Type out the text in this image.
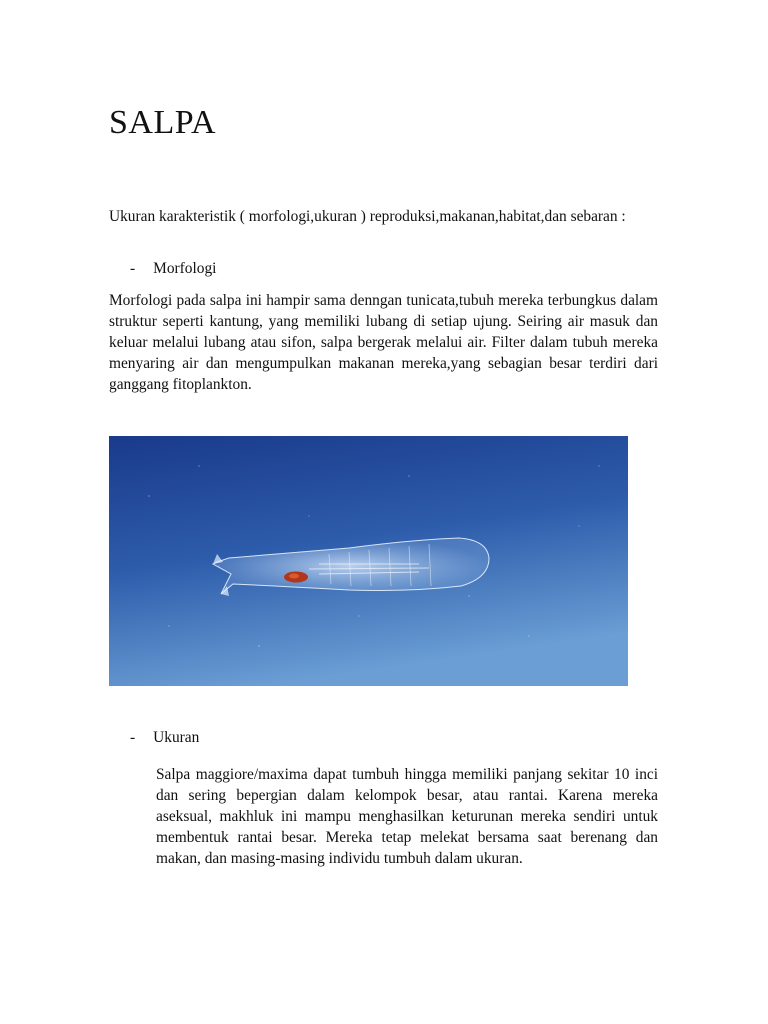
SALPA

Ukuran karakteristik ( morfologi,ukuran ) reproduksi,makanan,habitat,dan sebaran :

- Morfologi

Morfologi pada salpa ini hampir sama denngan tunicata,tubuh mereka terbungkus dalam struktur seperti kantung, yang memiliki lubang di setiap ujung. Seiring air masuk dan keluar melalui lubang atau sifon, salpa bergerak melalui air. Filter dalam tubuh mereka menyaring air dan mengumpulkan makanan mereka,yang sebagian besar terdiri dari ganggang fitoplankton.

- Ukuran

Salpa maggiore/maxima dapat tumbuh hingga memiliki panjang sekitar 10 inci dan sering bepergian dalam kelompok besar, atau rantai. Karena mereka aseksual, makhluk ini mampu menghasilkan keturunan mereka sendiri untuk membentuk rantai besar. Mereka tetap melekat bersama saat berenang dan makan, dan masing-masing individu tumbuh dalam ukuran.
